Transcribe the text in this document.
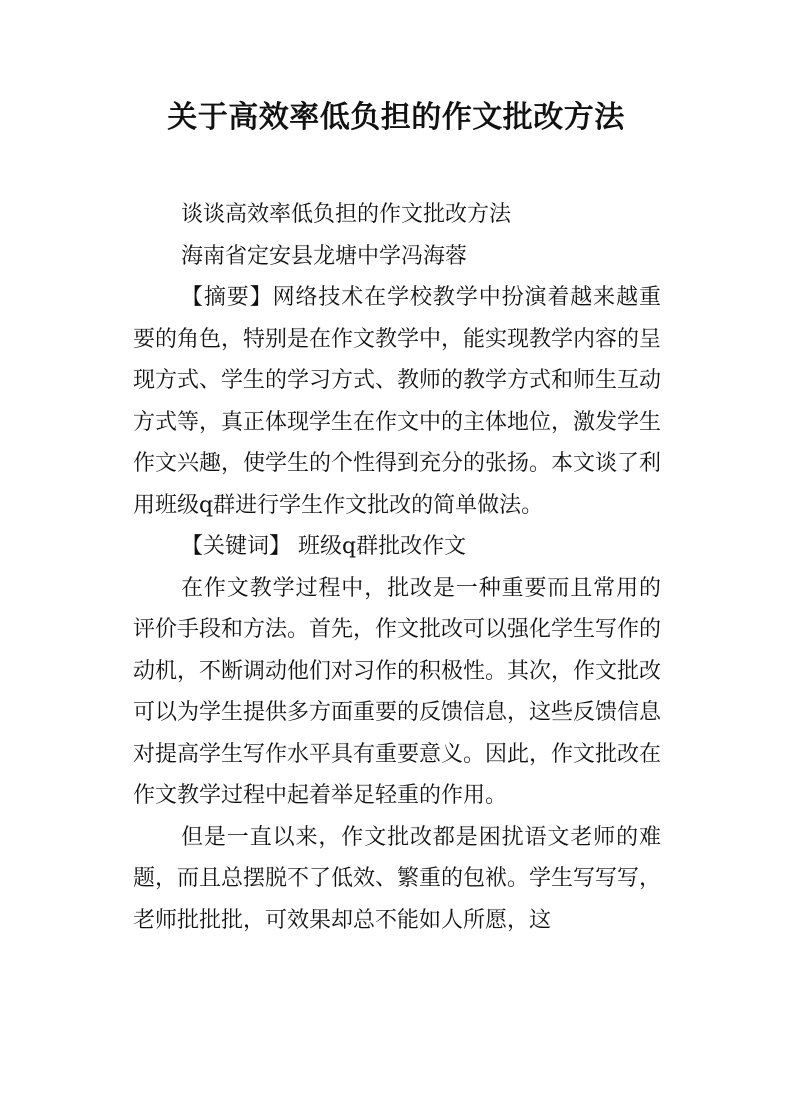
关于高效率低负担的作文批改方法

谈谈高效率低负担的作文批改方法

海南省定安县龙塘中学冯海蓉

【摘要】网络技术在学校教学中扮演着越来越重要的角色，特别是在作文教学中，能实现教学内容的呈现方式、学生的学习方式、教师的教学方式和师生互动方式等，真正体现学生在作文中的主体地位，激发学生作文兴趣，使学生的个性得到充分的张扬。本文谈了利用班级q群进行学生作文批改的简单做法。

【关键词】 班级q群批改作文

在作文教学过程中，批改是一种重要而且常用的评价手段和方法。首先，作文批改可以强化学生写作的动机，不断调动他们对习作的积极性。其次，作文批改可以为学生提供多方面重要的反馈信息，这些反馈信息对提高学生写作水平具有重要意义。因此，作文批改在作文教学过程中起着举足轻重的作用。

但是一直以来，作文批改都是困扰语文老师的难题，而且总摆脱不了低效、繁重的包袱。学生写写写，老师批批批，可效果却总不能如人所愿，这
